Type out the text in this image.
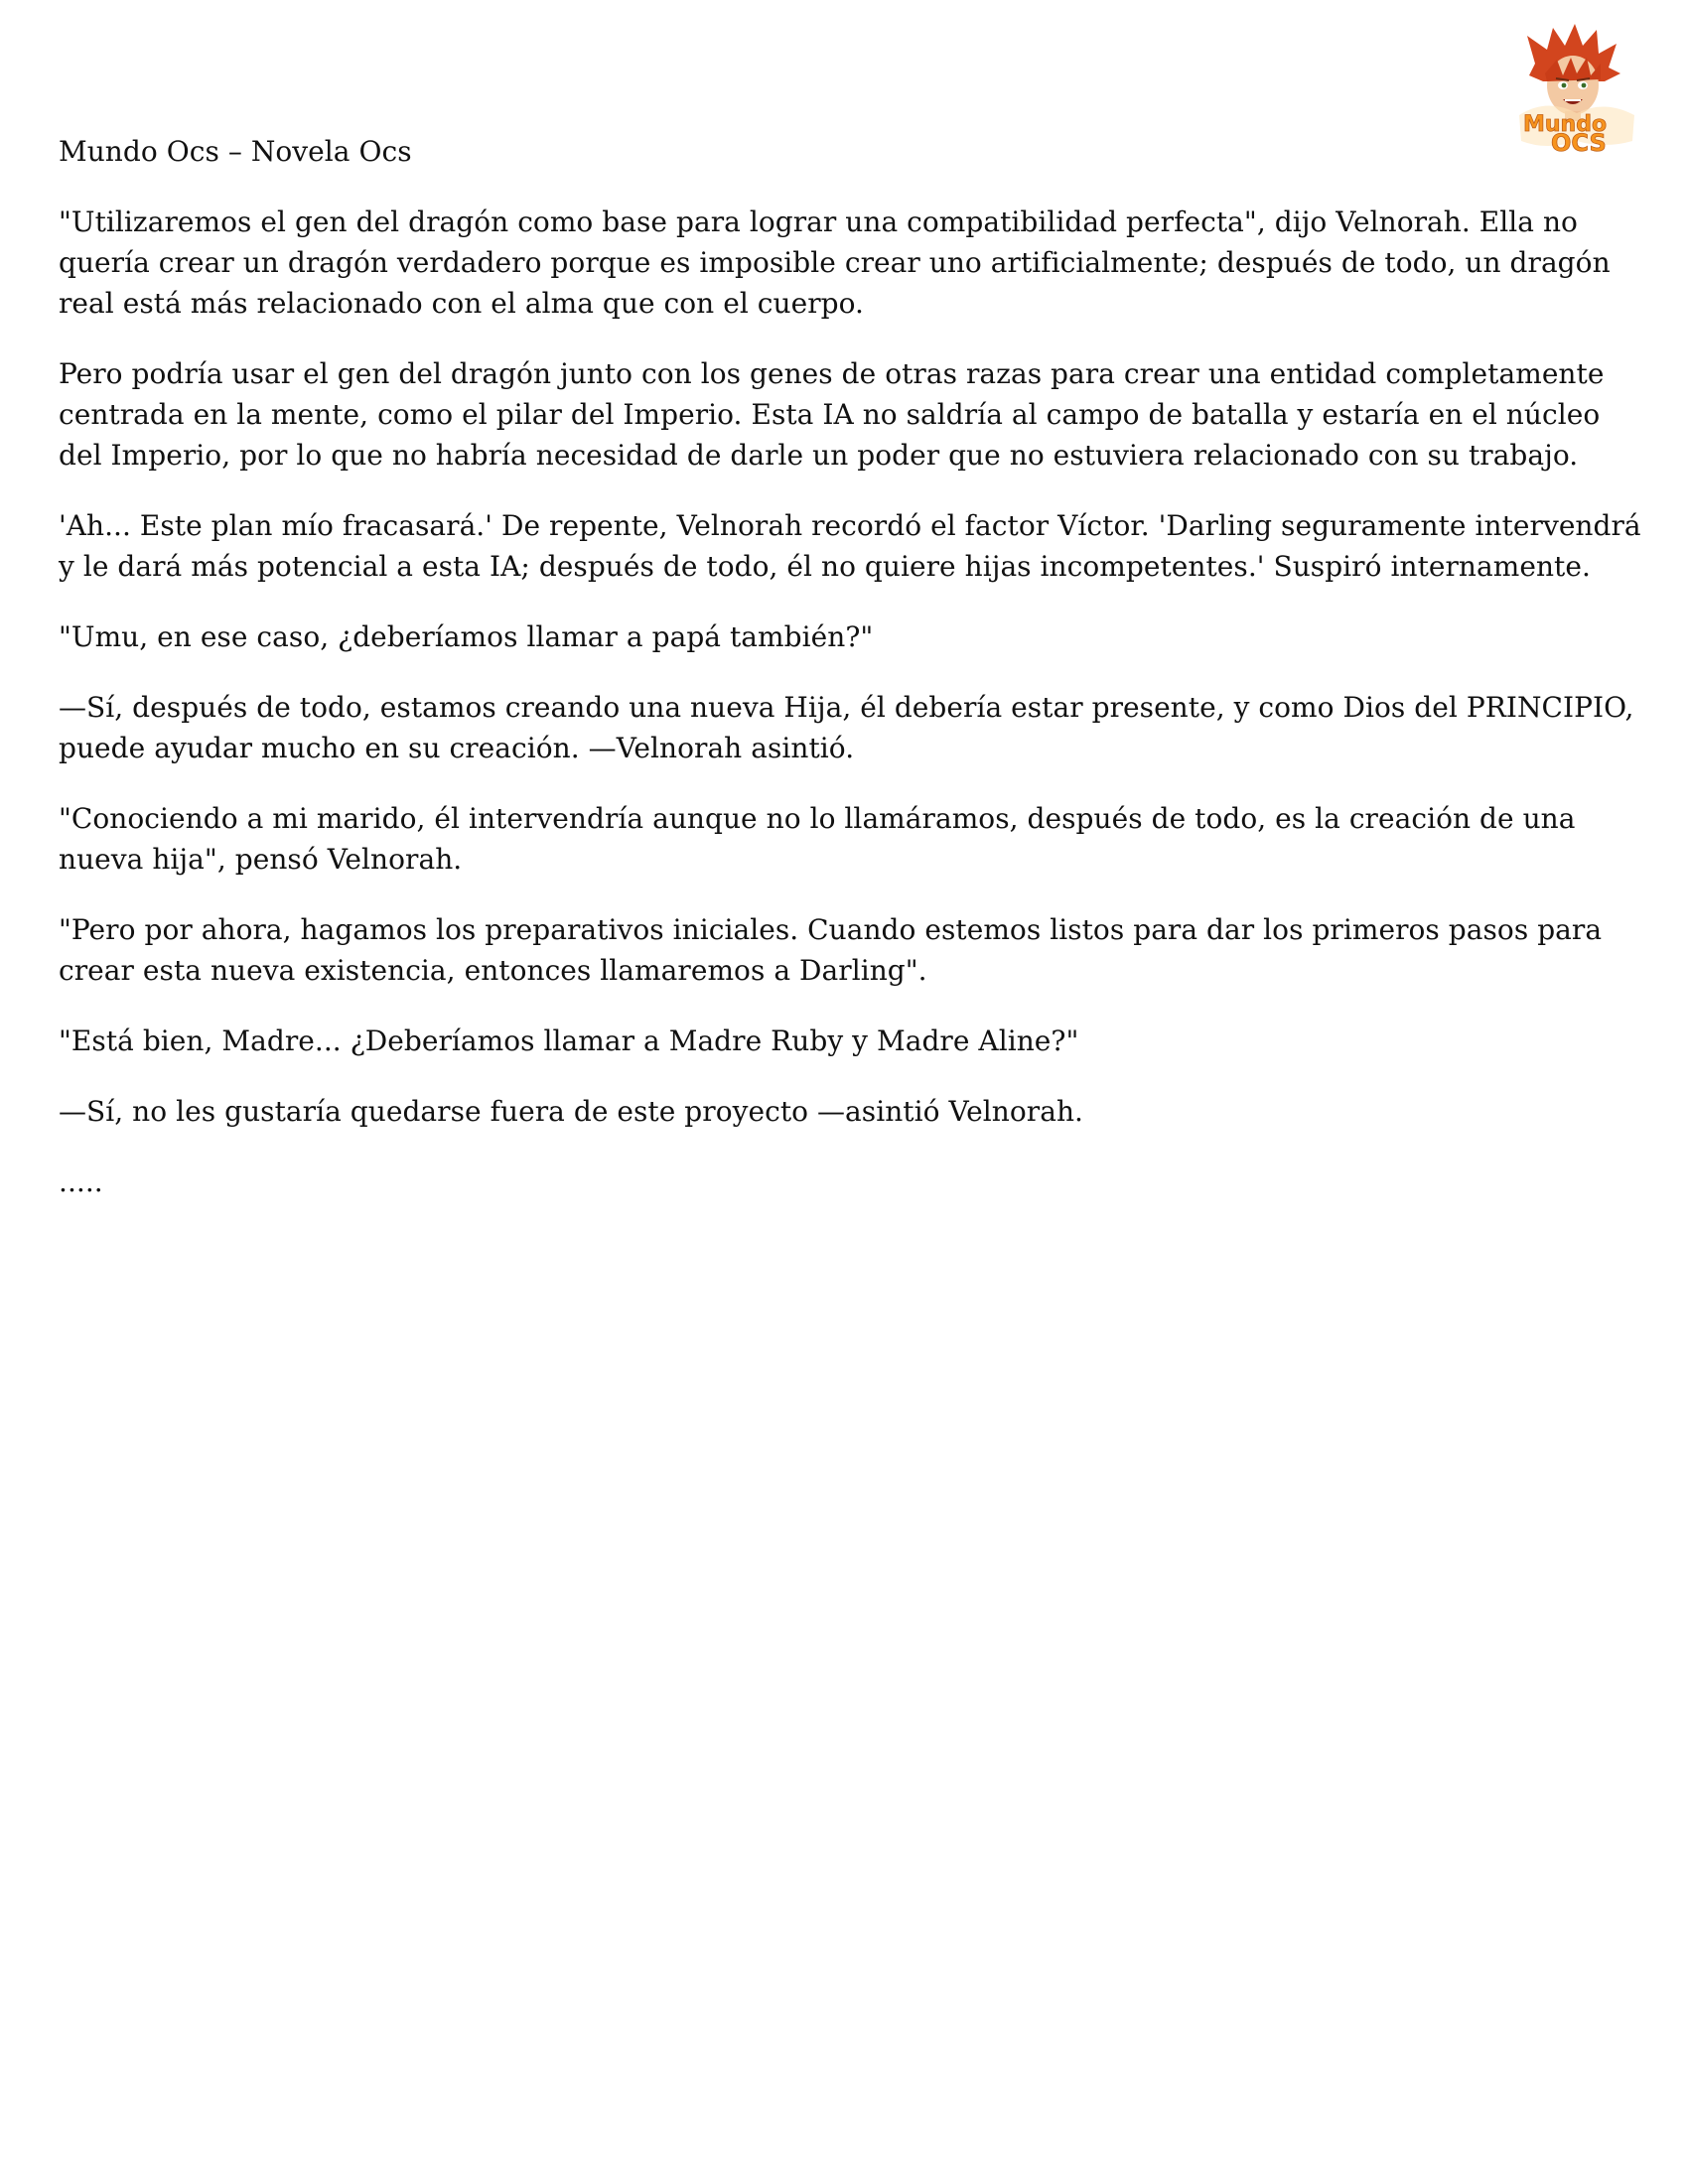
Mundo
OCS

Mundo Ocs – Novela Ocs

"Utilizaremos el gen del dragón como base para lograr una compatibilidad perfecta", dijo Velnorah. Ella no quería crear un dragón verdadero porque es imposible crear uno artificialmente; después de todo, un dragón real está más relacionado con el alma que con el cuerpo.

Pero podría usar el gen del dragón junto con los genes de otras razas para crear una entidad completamente centrada en la mente, como el pilar del Imperio. Esta IA no saldría al campo de batalla y estaría en el núcleo del Imperio, por lo que no habría necesidad de darle un poder que no estuviera relacionado con su trabajo.

'Ah... Este plan mío fracasará.' De repente, Velnorah recordó el factor Víctor. 'Darling seguramente intervendrá y le dará más potencial a esta IA; después de todo, él no quiere hijas incompetentes.' Suspiró internamente.

"Umu, en ese caso, ¿deberíamos llamar a papá también?"

—Sí, después de todo, estamos creando una nueva Hija, él debería estar presente, y como Dios del PRINCIPIO, puede ayudar mucho en su creación. —Velnorah asintió.

"Conociendo a mi marido, él intervendría aunque no lo llamáramos, después de todo, es la creación de una nueva hija", pensó Velnorah.

"Pero por ahora, hagamos los preparativos iniciales. Cuando estemos listos para dar los primeros pasos para crear esta nueva existencia, entonces llamaremos a Darling".

"Está bien, Madre... ¿Deberíamos llamar a Madre Ruby y Madre Aline?"

—Sí, no les gustaría quedarse fuera de este proyecto —asintió Velnorah.

.....
